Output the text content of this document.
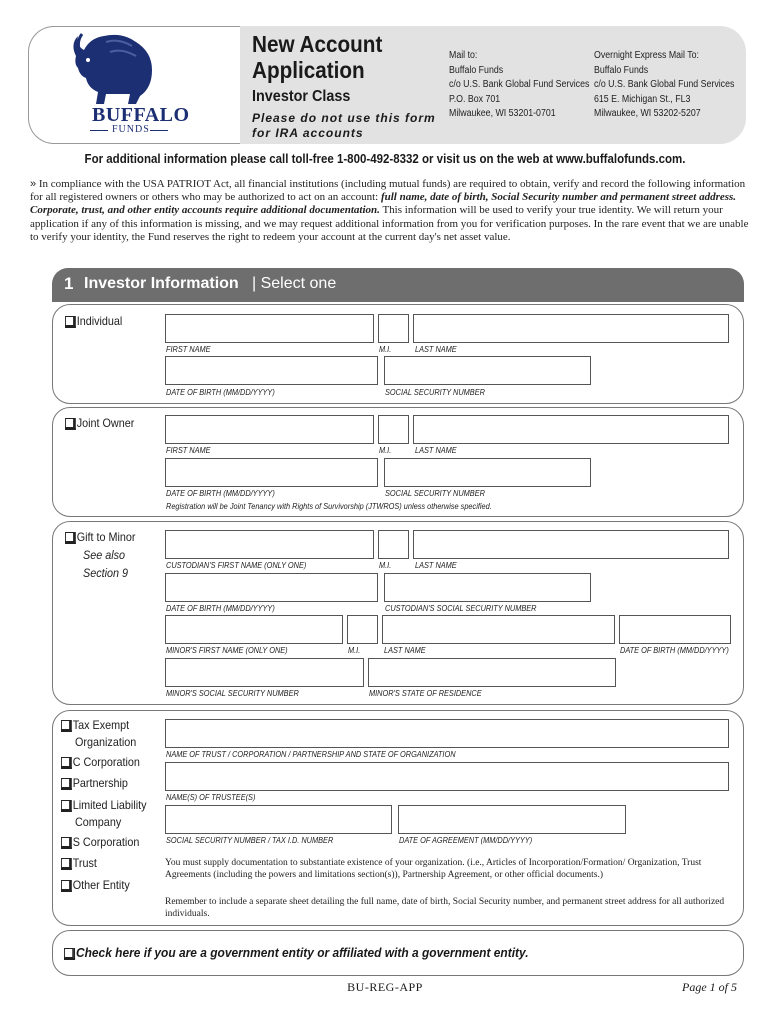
BUFFALO
FUNDS
New Account
Application
Investor Class
Please do not use this form
for IRA accounts
Mail to:
Buffalo Funds
c/o U.S. Bank Global Fund Services
P.O. Box 701
Milwaukee, WI 53201-0701
Overnight Express Mail To:
Buffalo Funds
c/o U.S. Bank Global Fund Services
615 E. Michigan St., FL3
Milwaukee, WI 53202-5207
For additional information please call toll-free 1-800-492-8332 or visit us on the web at www.buffalofunds.com.
» In compliance with the USA PATRIOT Act, all financial institutions (including mutual funds) are required to obtain, verify and record the following information for all registered owners or others who may be authorized to act on an account: full name, date of birth, Social Security number and permanent street address. Corporate, trust, and other entity accounts require additional documentation. This information will be used to verify your true identity. We will return your application if any of this information is missing, and we may request additional information from you for verification purposes. In the rare event that we are unable to verify your identity, the Fund reserves the right to redeem your account at the current day's net asset value.
1 Investor Information | Select one
Individual
FIRST NAME	M.I.	LAST NAME
DATE OF BIRTH (MM/DD/YYYY)	SOCIAL SECURITY NUMBER
Joint Owner
FIRST NAME	M.I.	LAST NAME
DATE OF BIRTH (MM/DD/YYYY)	SOCIAL SECURITY NUMBER
Registration will be Joint Tenancy with Rights of Survivorship (JTWROS) unless otherwise specified.
Gift to Minor
See also
Section 9
CUSTODIAN'S FIRST NAME (ONLY ONE)	M.I.	LAST NAME
DATE OF BIRTH (MM/DD/YYYY)	CUSTODIAN'S SOCIAL SECURITY NUMBER
MINOR'S FIRST NAME (ONLY ONE)	M.I.	LAST NAME	DATE OF BIRTH (MM/DD/YYYY)
MINOR'S SOCIAL SECURITY NUMBER	MINOR'S STATE OF RESIDENCE
Tax Exempt
Organization
C Corporation
Partnership
Limited Liability
Company
S Corporation
Trust
Other Entity
NAME OF TRUST / CORPORATION / PARTNERSHIP AND STATE OF ORGANIZATION
NAME(S) OF TRUSTEE(S)
SOCIAL SECURITY NUMBER / TAX I.D. NUMBER	DATE OF AGREEMENT (MM/DD/YYYY)
You must supply documentation to substantiate existence of your organization. (i.e., Articles of Incorporation/Formation/ Organization, Trust Agreements (including the powers and limitations section(s)), Partnership Agreement, or other official documents.)
Remember to include a separate sheet detailing the full name, date of birth, Social Security number, and permanent street address for all authorized individuals.
Check here if you are a government entity or affiliated with a government entity.
BU-REG-APP	Page 1 of 5
